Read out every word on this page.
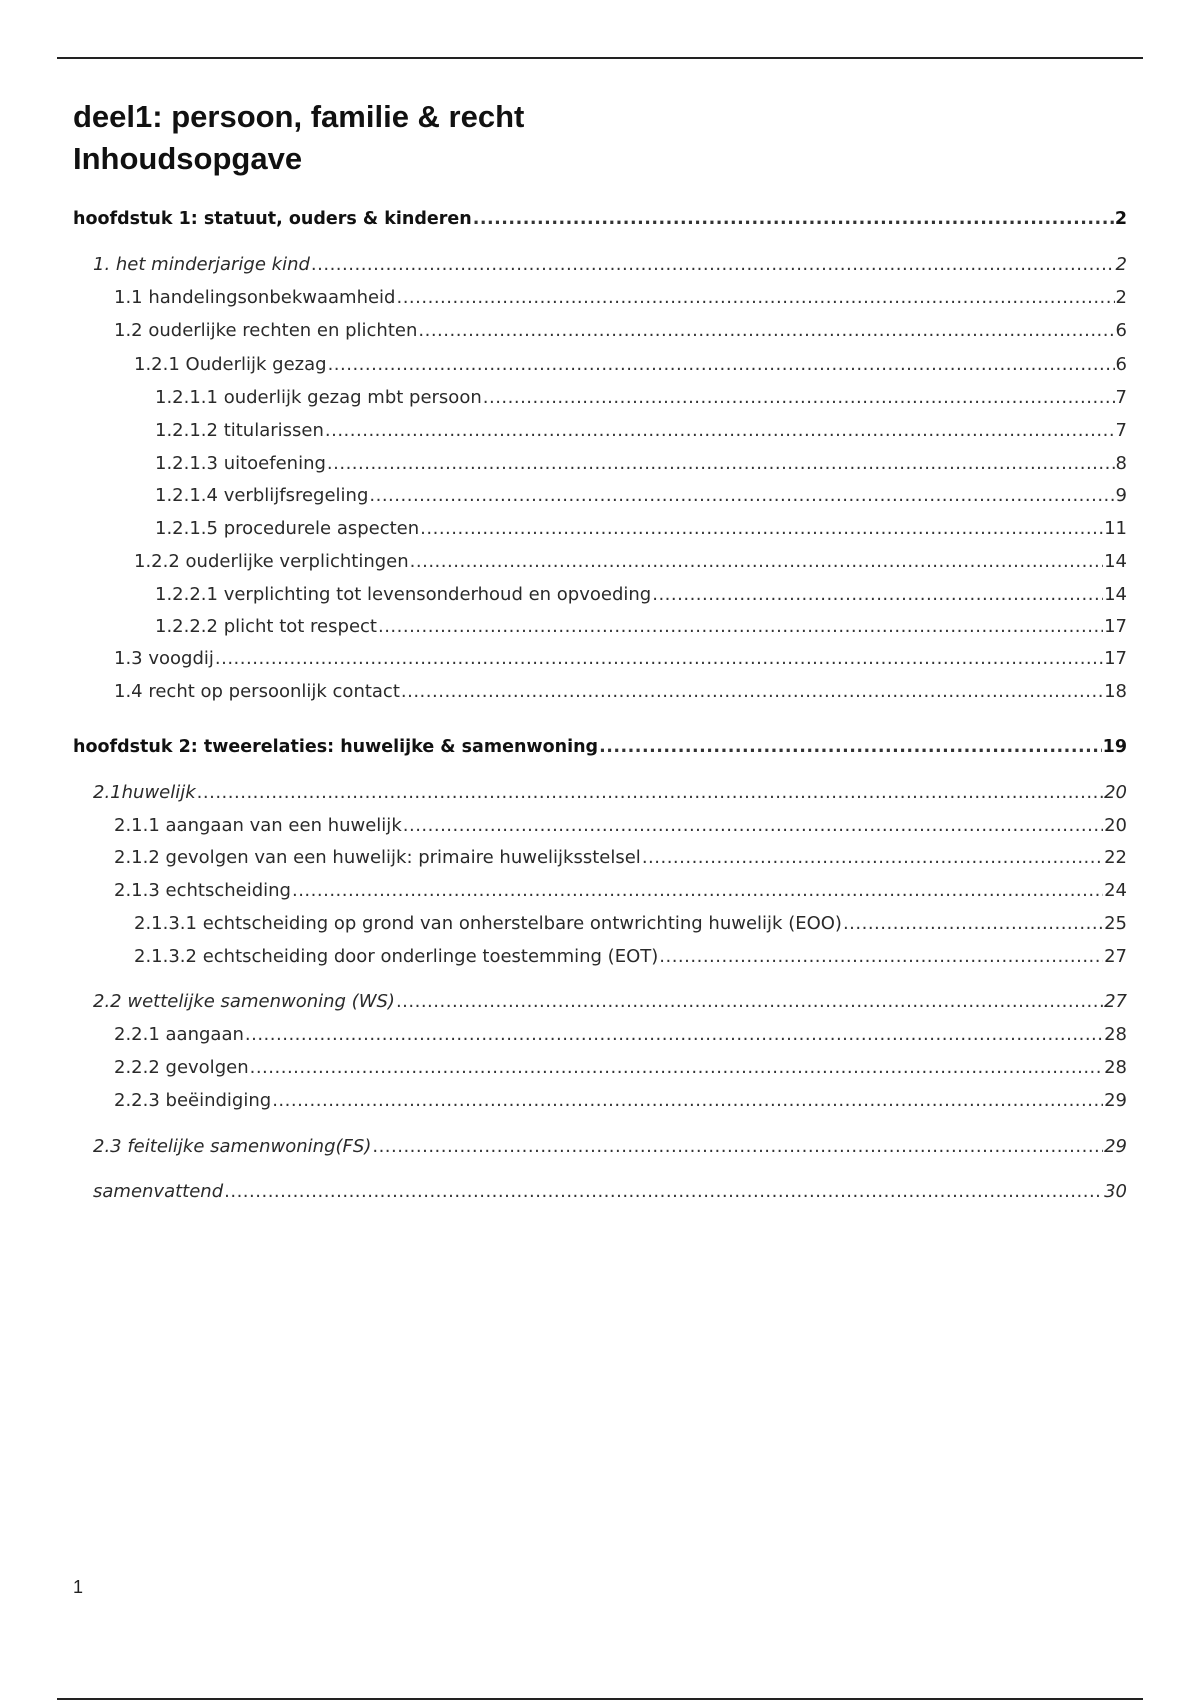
deel1: persoon, familie & recht
Inhoudsopgave
hoofdstuk 1: statuut, ouders & kinderen .....	2
1. het minderjarige kind .....	2
1.1 handelingsonbekwaamheid .....	2
1.2 ouderlijke rechten en plichten .....	6
1.2.1 Ouderlijk gezag .....	6
1.2.1.1 ouderlijk gezag mbt persoon .....	7
1.2.1.2 titularissen .....	7
1.2.1.3 uitoefening .....	8
1.2.1.4 verblijfsregeling .....	9
1.2.1.5 procedurele aspecten .....	11
1.2.2 ouderlijke verplichtingen .....	14
1.2.2.1 verplichting tot levensonderhoud en opvoeding .....	14
1.2.2.2 plicht tot respect .....	17
1.3 voogdij .....	17
1.4 recht op persoonlijk contact .....	18
hoofdstuk 2: tweerelaties: huwelijke & samenwoning .....	19
2.1huwelijk .....	20
2.1.1 aangaan van een huwelijk .....	20
2.1.2 gevolgen van een huwelijk: primaire huwelijksstelsel .....	22
2.1.3 echtscheiding .....	24
2.1.3.1 echtscheiding op grond van onherstelbare ontwrichting huwelijk (EOO) .....	25
2.1.3.2 echtscheiding door onderlinge toestemming (EOT) .....	27
2.2 wettelijke samenwoning (WS) .....	27
2.2.1 aangaan .....	28
2.2.2 gevolgen .....	28
2.2.3 beëindiging .....	29
2.3 feitelijke samenwoning(FS) .....	29
samenvattend .....	30
1
